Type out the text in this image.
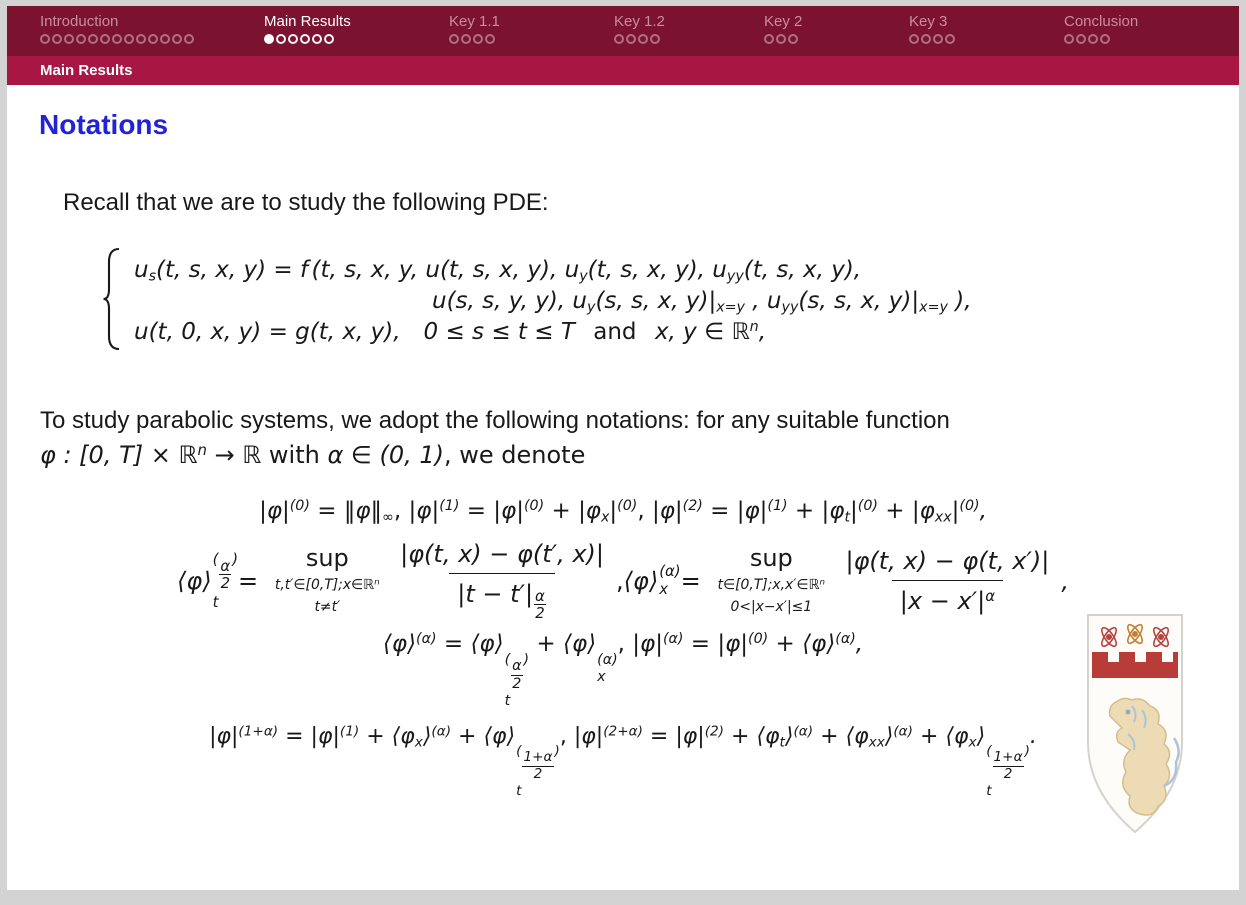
Introduction	Main Results	Key 1.1	Key 1.2	Key 2	Key 3	Conclusion
Main Results
Notations
Recall that we are to study the following PDE:
$u_s(t$, s, x, y) = f (t, s, x, y, u(t, s, x, y), $u_y(t$, s, x, y), $u_{yy}(t$, s, x, y),
u(s, s, y, y), $u_y(s$, s, x, $y)|_{x=y}$ , $u_{yy}(s$, s, x, $y)|_{x=y}$ ),
u(t, 0, x, y) = g(t, x, y), 0 ≤ s ≤ t ≤ T and x, y ∈ ℝ$^n$,
To study parabolic systems, we adopt the following notations: for any suitable function
φ : [0, T] × ℝ$^n$ → ℝ with α ∈ (0, 1), we denote
$|\varphi|^{(0)}$ = $‖\varphi‖_\infty$, $|\varphi|^{(1)} = |\varphi|^{(0)} + |\varphi_x|^{(0)}$, $|\varphi|^{(2)} = |\varphi|^{(1)} + |\varphi_t|^{(0)} + |\varphi_{xx}|^{(0)}$,
⟨φ⟩
( $\frac{\alpha}{2}$ )
t
=
sup
t,t′∈[0,T];x∈ℝⁿ
t≠t′
|φ(t, x) − φ(t′, x)|
|t − t′| $^{\frac{\alpha}{2}}$
, ⟨φ⟩ (α)
x =
sup
t∈[0,T];x,x′∈ℝⁿ
0<|x−x′|≤1
|φ(t, x) − φ(t, x′)|
$|x - x'|^\alpha$
,
⟨φ⟩$^{(\alpha)}$ = ⟨φ⟩
( $\frac{\alpha}{2}$ )
t
+ ⟨φ⟩
(α)
x
, $|\varphi|^{(\alpha)} = |\varphi|^{(0)}$ + ⟨φ⟩$^{(\alpha)}$,
$|\varphi|^{(1+\alpha)} = |\varphi|^{(1)}$ + $⟨\varphi_x⟩^{(\alpha)}$ + ⟨φ⟩
(
$\frac{1+\alpha}{2}$
)
t
, $|\varphi|^{(2+\alpha)} = |\varphi|^{(2)}$ + $⟨\varphi_t⟩^{(\alpha)}$ + $⟨\varphi_{xx}⟩^{(\alpha)}$ + $⟨\varphi_x⟩$
(
$\frac{1+\alpha}{2}$
)
t
.
